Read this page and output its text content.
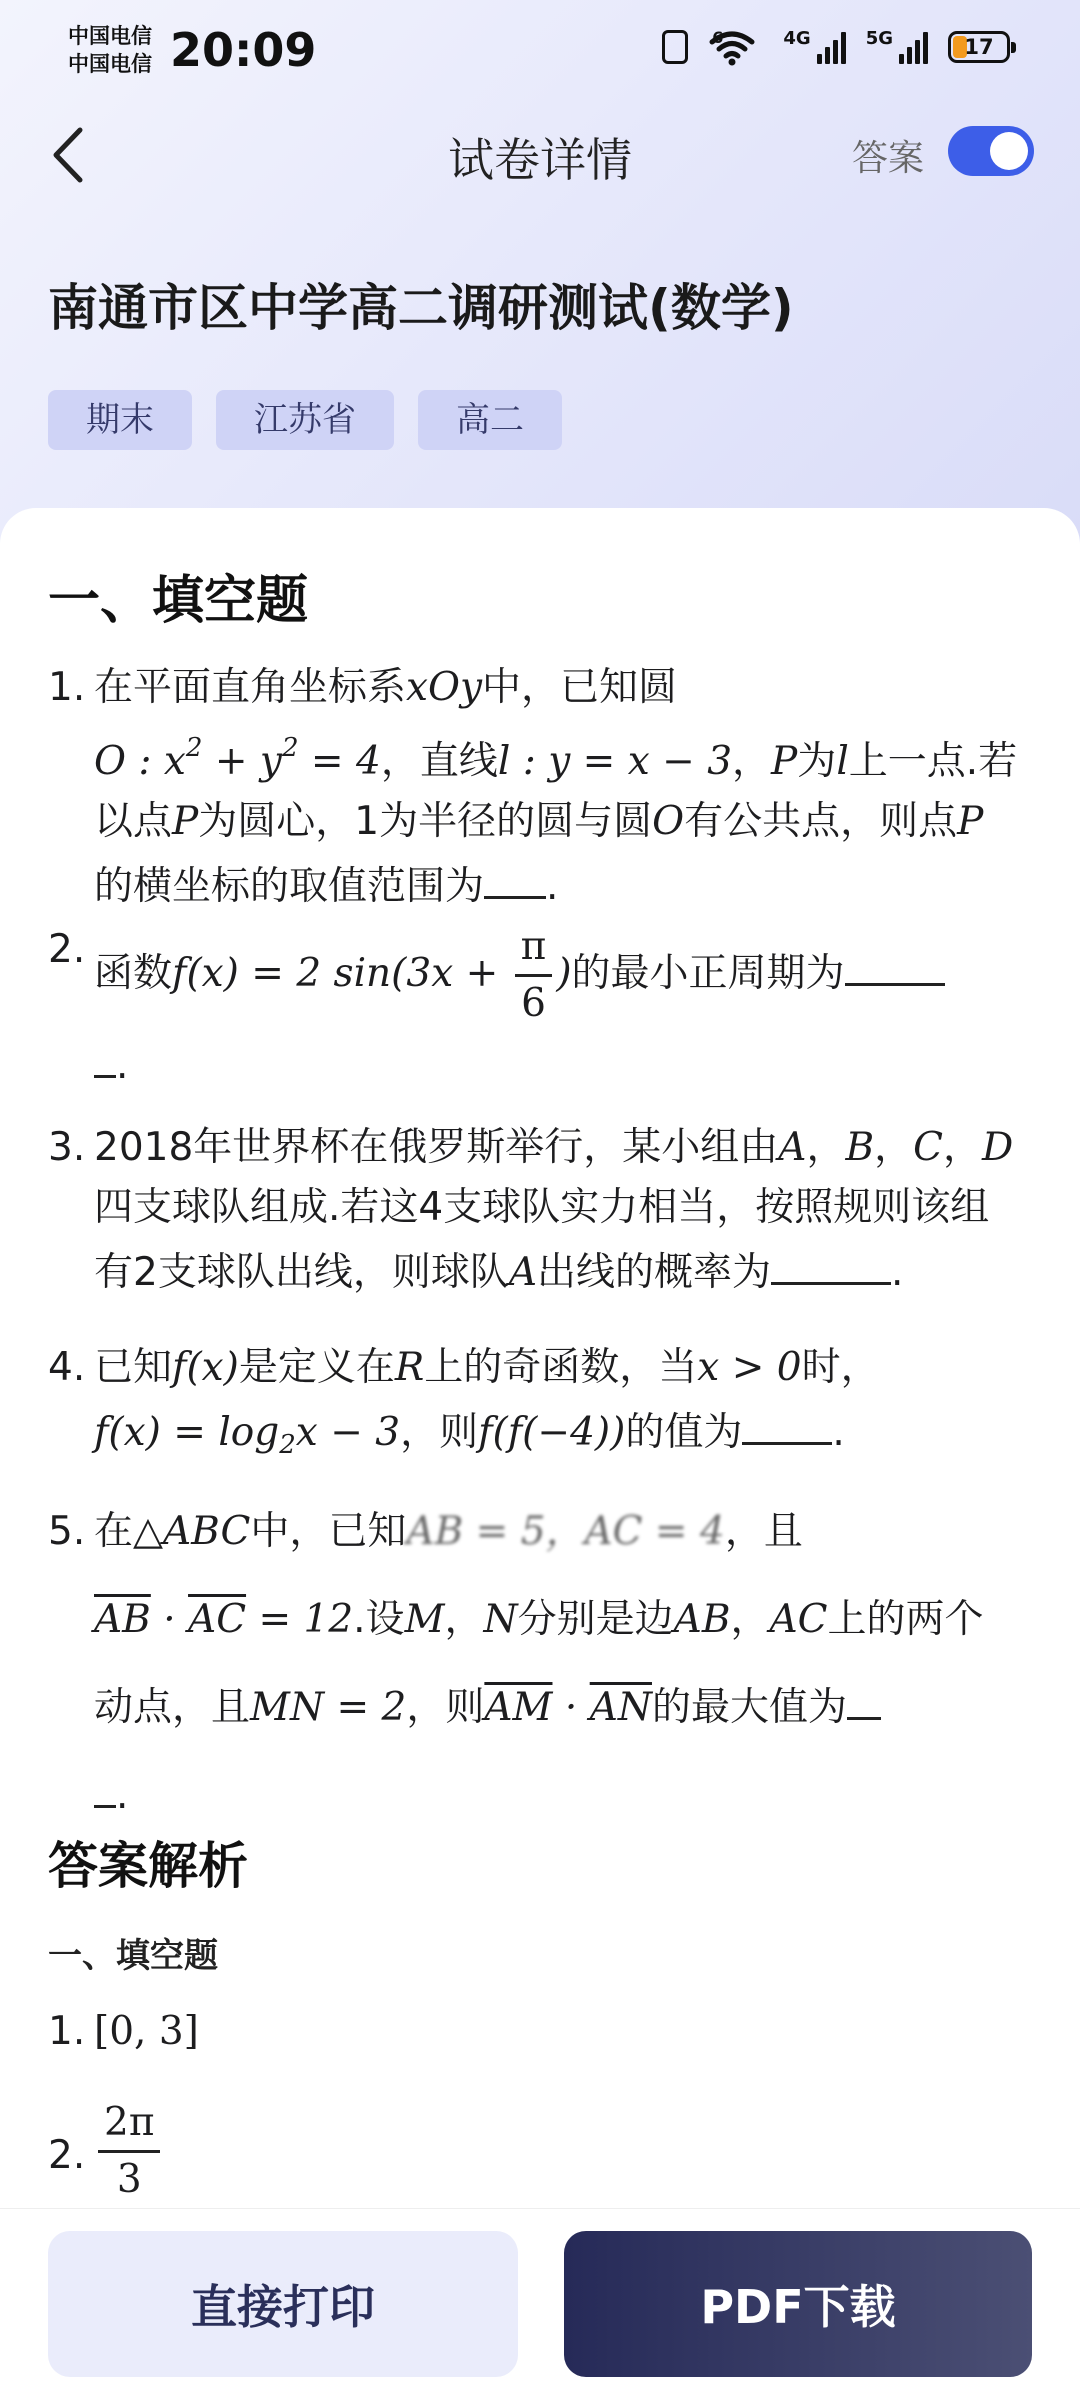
中国电信
中国电信 20:09	6	4G	5G	17
试卷详情	答案
南通市区中学高二调研测试(数学)
期末	江苏省	高二
一、填空题
1. 在平面直角坐标系xOy中，已知圆
O : $x^2 + y^2 = 4$，直线l : y = x − 3，P为l上一点.若以点P为圆心，1为半径的圆与圆O有公共点，则点P的横坐标的取值范围为 .
2.
函数f(x) = 2 $\sin(3x + \frac{\pi}{6}$ )的最小正周期为
.
3. 2018年世界杯在俄罗斯举行，某小组由A，B，C，D四支球队组成.若这4支球队实力相当，按照规则该组有2支球队出线，则球队A出线的概率为	.
4. 已知f(x)是定义在R上的奇函数，当x > 0时，
$f(x) = \log_2x - 3$，则f(f(−4))的值为 .
5. 在△ABC中，已知AB = 5，AC = 4，且
$\overline{AB} \cdot \overline{AC} = 12$.设M，N分别是边AB，AC上的两个动点，且MN = 2，则$\overline{AM} \cdot \overline{AN}$的最大值为
.
答案解析
一、填空题
1. [0, 3]
2. $\frac{2\pi}{3}$
直接打印	PDF下载
